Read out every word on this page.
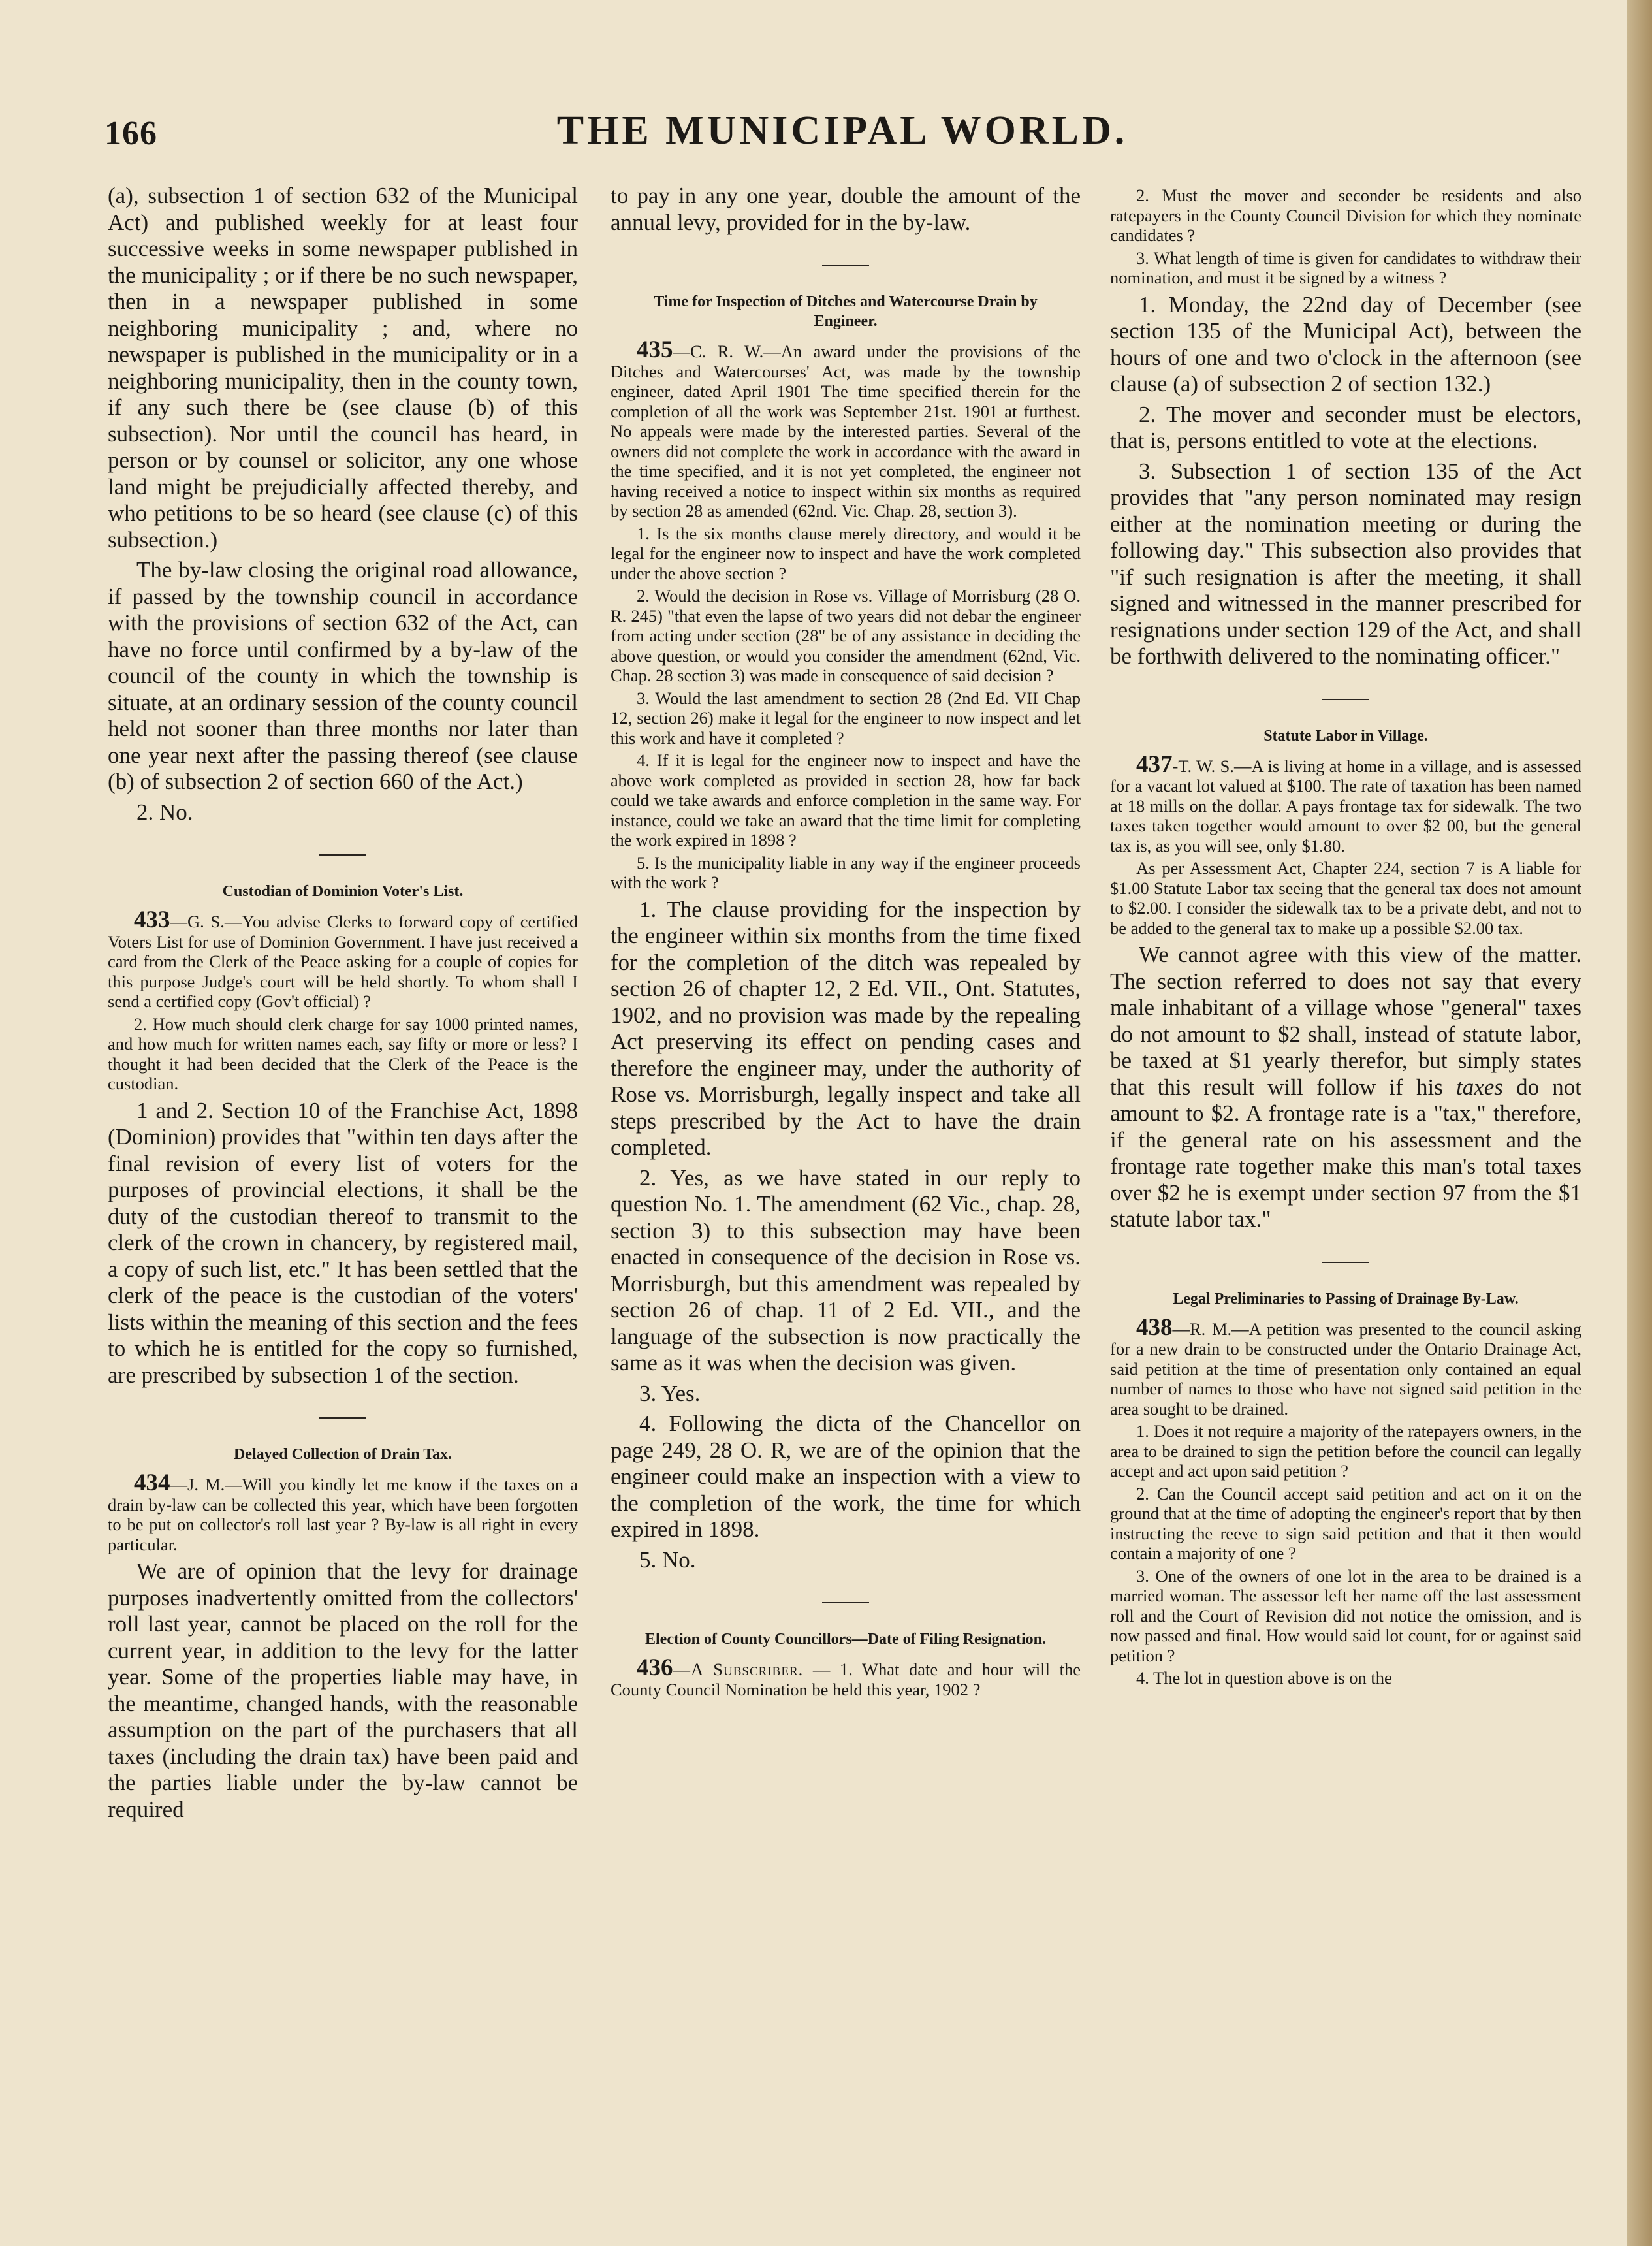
166	THE MUNICIPAL WORLD.

(a), subsection 1 of section 632 of the Municipal Act) and published weekly for at least four successive weeks in some newspaper published in the municipality ; or if there be no such newspaper, then in a newspaper published in some neighboring municipality ; and, where no newspaper is published in the municipality or in a neighboring municipality, then in the county town, if any such there be (see clause (b) of this subsection). Nor until the council has heard, in person or by counsel or solicitor, any one whose land might be prejudicially affected thereby, and who petitions to be so heard (see clause (c) of this subsection.)

The by-law closing the original road allowance, if passed by the township council in accordance with the provisions of section 632 of the Act, can have no force until confirmed by a by-law of the council of the county in which the township is situate, at an ordinary session of the county council held not sooner than three months nor later than one year next after the passing thereof (see clause (b) of subsection 2 of section 660 of the Act.)

2. No.

Custodian of Dominion Voter's List.

433—G. S.—You advise Clerks to forward copy of certified Voters List for use of Dominion Government. I have just received a card from the Clerk of the Peace asking for a couple of copies for this purpose Judge's court will be held shortly. To whom shall I send a certified copy (Gov't official) ?

2. How much should clerk charge for say 1000 printed names, and how much for written names each, say fifty or more or less? I thought it had been decided that the Clerk of the Peace is the custodian.

1 and 2. Section 10 of the Franchise Act, 1898 (Dominion) provides that "within ten days after the final revision of every list of voters for the purposes of provincial elections, it shall be the duty of the custodian thereof to transmit to the clerk of the crown in chancery, by registered mail, a copy of such list, etc." It has been settled that the clerk of the peace is the custodian of the voters' lists within the meaning of this section and the fees to which he is entitled for the copy so furnished, are prescribed by subsection 1 of the section.

Delayed Collection of Drain Tax.

434—J. M.—Will you kindly let me know if the taxes on a drain by-law can be collected this year, which have been forgotten to be put on collector's roll last year ? By-law is all right in every particular.

We are of opinion that the levy for drainage purposes inadvertently omitted from the collectors' roll last year, cannot be placed on the roll for the current year, in addition to the levy for the latter year. Some of the properties liable may have, in the meantime, changed hands, with the reasonable assumption on the part of the purchasers that all taxes (including the drain tax) have been paid and the parties liable under the by-law cannot be required

to pay in any one year, double the amount of the annual levy, provided for in the by-law.

Time for Inspection of Ditches and Watercourse Drain by Engineer.

435—C. R. W.—An award under the provisions of the Ditches and Watercourses' Act, was made by the township engineer, dated April 1901 The time specified therein for the completion of all the work was September 21st. 1901 at furthest. No appeals were made by the interested parties. Several of the owners did not complete the work in accordance with the award in the time specified, and it is not yet completed, the engineer not having received a notice to inspect within six months as required by section 28 as amended (62nd. Vic. Chap. 28, section 3).

1. Is the six months clause merely directory, and would it be legal for the engineer now to inspect and have the work completed under the above section ?

2. Would the decision in Rose vs. Village of Morrisburg (28 O. R. 245) "that even the lapse of two years did not debar the engineer from acting under section (28" be of any assistance in deciding the above question, or would you consider the amendment (62nd, Vic. Chap. 28 section 3) was made in consequence of said decision ?

3. Would the last amendment to section 28 (2nd Ed. VII Chap 12, section 26) make it legal for the engineer to now inspect and let this work and have it completed ?

4. If it is legal for the engineer now to inspect and have the above work completed as provided in section 28, how far back could we take awards and enforce completion in the same way. For instance, could we take an award that the time limit for completing the work expired in 1898 ?

5. Is the municipality liable in any way if the engineer proceeds with the work ?

1. The clause providing for the inspection by the engineer within six months from the time fixed for the completion of the ditch was repealed by section 26 of chapter 12, 2 Ed. VII., Ont. Statutes, 1902, and no provision was made by the repealing Act preserving its effect on pending cases and therefore the engineer may, under the authority of Rose vs. Morrisburgh, legally inspect and take all steps prescribed by the Act to have the drain completed.

2. Yes, as we have stated in our reply to question No. 1. The amendment (62 Vic., chap. 28, section 3) to this subsection may have been enacted in consequence of the decision in Rose vs. Morrisburgh, but this amendment was repealed by section 26 of chap. 11 of 2 Ed. VII., and the language of the subsection is now practically the same as it was when the decision was given.

3. Yes.

4. Following the dicta of the Chancellor on page 249, 28 O. R, we are of the opinion that the engineer could make an inspection with a view to the completion of the work, the time for which expired in 1898.

5. No.

Election of County Councillors—Date of Filing Resignation.

436—A Subscriber. — 1. What date and hour will the County Council Nomination be held this year, 1902 ?

2. Must the mover and seconder be residents and also ratepayers in the County Council Division for which they nominate candidates ?

3. What length of time is given for candidates to withdraw their nomination, and must it be signed by a witness ?

1. Monday, the 22nd day of December (see section 135 of the Municipal Act), between the hours of one and two o'clock in the afternoon (see clause (a) of subsection 2 of section 132.)

2. The mover and seconder must be electors, that is, persons entitled to vote at the elections.

3. Subsection 1 of section 135 of the Act provides that "any person nominated may resign either at the nomination meeting or during the following day." This subsection also provides that "if such resignation is after the meeting, it shall signed and witnessed in the manner prescribed for resignations under section 129 of the Act, and shall be forthwith delivered to the nominating officer."

Statute Labor in Village.

437-T. W. S.—A is living at home in a village, and is assessed for a vacant lot valued at $100. The rate of taxation has been named at 18 mills on the dollar. A pays frontage tax for sidewalk. The two taxes taken together would amount to over $2 00, but the general tax is, as you will see, only $1.80.

As per Assessment Act, Chapter 224, section 7 is A liable for $1.00 Statute Labor tax seeing that the general tax does not amount to $2.00. I consider the sidewalk tax to be a private debt, and not to be added to the general tax to make up a possible $2.00 tax.

We cannot agree with this view of the matter. The section referred to does not say that every male inhabitant of a village whose "general" taxes do not amount to $2 shall, instead of statute labor, be taxed at $1 yearly therefor, but simply states that this result will follow if his taxes do not amount to $2. A frontage rate is a "tax," therefore, if the general rate on his assessment and the frontage rate together make this man's total taxes over $2 he is exempt under section 97 from the $1 statute labor tax."

Legal Preliminaries to Passing of Drainage By-Law.

438—R. M.—A petition was presented to the council asking for a new drain to be constructed under the Ontario Drainage Act, said petition at the time of presentation only contained an equal number of names to those who have not signed said petition in the area sought to be drained.

1. Does it not require a majority of the ratepayers owners, in the area to be drained to sign the petition before the council can legally accept and act upon said petition ?

2. Can the Council accept said petition and act on it on the ground that at the time of adopting the engineer's report that by then instructing the reeve to sign said petition and that it then would contain a majority of one ?

3. One of the owners of one lot in the area to be drained is a married woman. The assessor left her name off the last assessment roll and the Court of Revision did not notice the omission, and is now passed and final. How would said lot count, for or against said petition ?

4. The lot in question above is on the
